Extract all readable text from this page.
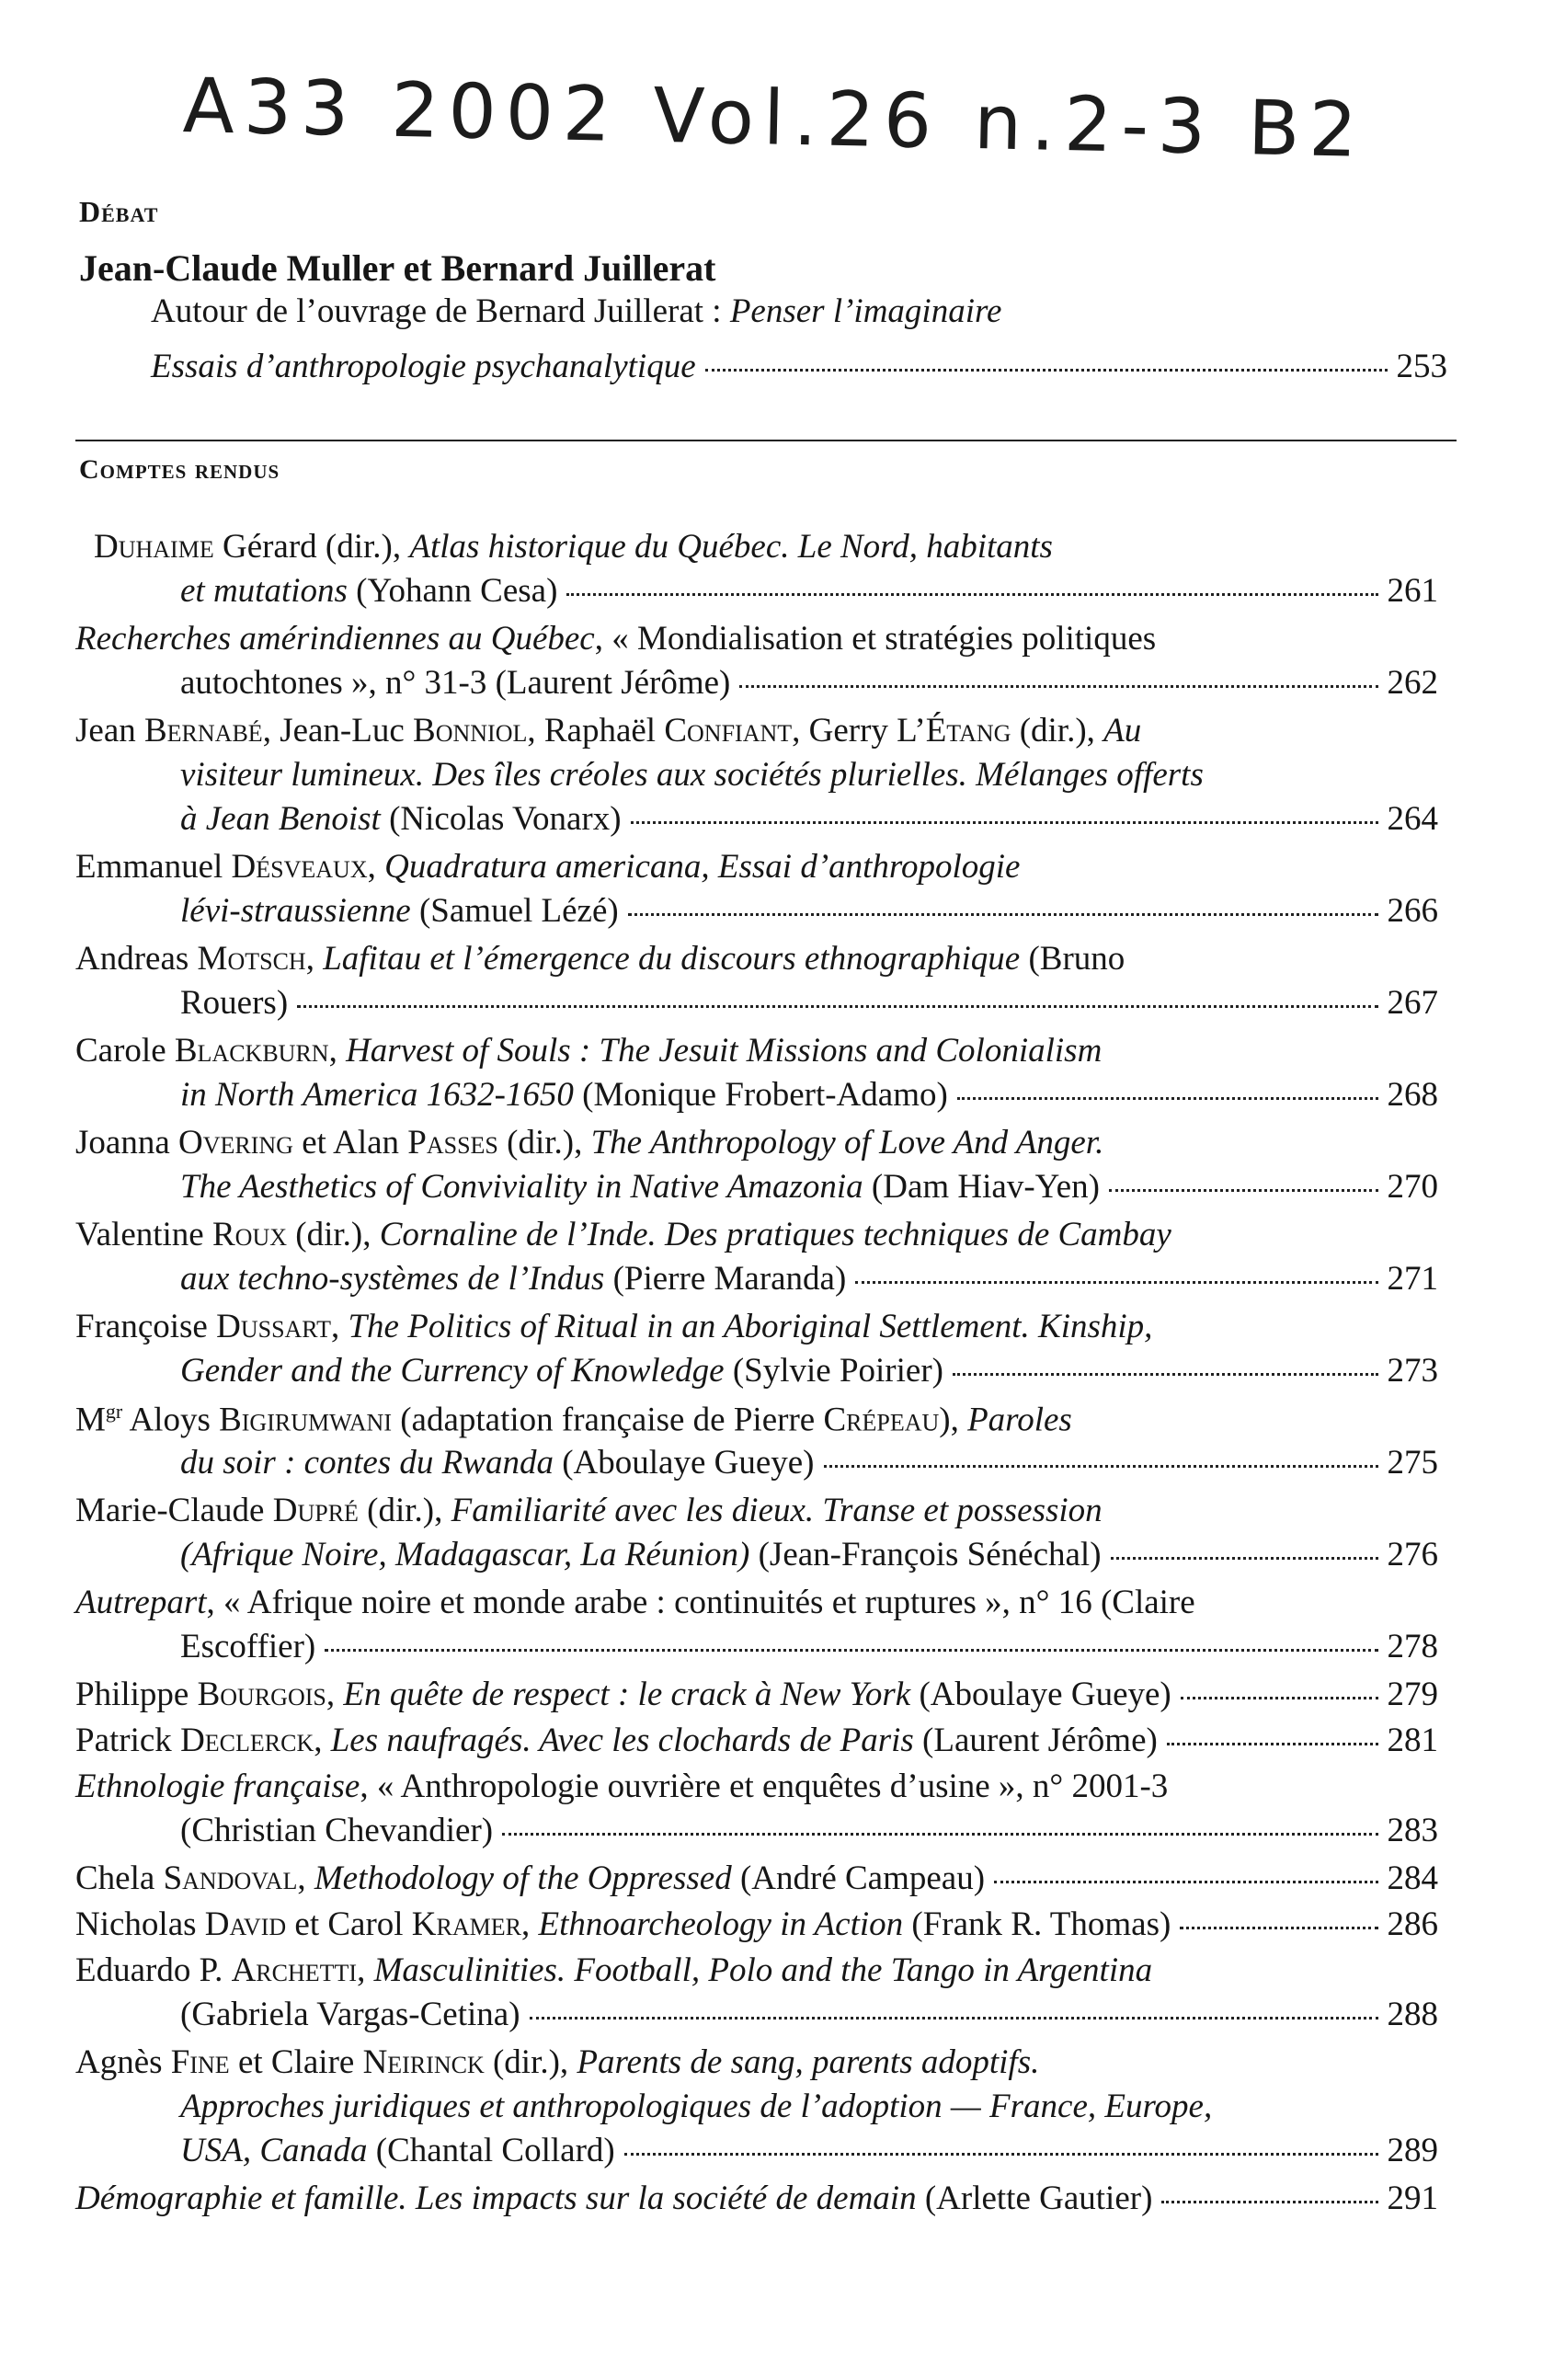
A33 2002 Vol.26 n.2-3 B2
Débat
Jean-Claude Muller et Bernard Juillerat
Autour de l’ouvrage de Bernard Juillerat : Penser l’imaginaire
Essais d’anthropologie psychanalytique	253
Comptes rendus
Duhaime Gérard (dir.), Atlas historique du Québec. Le Nord, habitants
et mutations (Yohann Cesa)	261
Recherches amérindiennes au Québec, « Mondialisation et stratégies politiques
autochtones », n° 31-3 (Laurent Jérôme)	262
Jean Bernabé, Jean-Luc Bonniol, Raphaël Confiant, Gerry L’Étang (dir.), Au
visiteur lumineux. Des îles créoles aux sociétés plurielles. Mélanges offerts
à Jean Benoist (Nicolas Vonarx)	264
Emmanuel Désveaux, Quadratura americana, Essai d’anthropologie
lévi-straussienne (Samuel Lézé)	266
Andreas Motsch, Lafitau et l’émergence du discours ethnographique (Bruno
Rouers)	267
Carole Blackburn, Harvest of Souls : The Jesuit Missions and Colonialism
in North America 1632-1650 (Monique Frobert-Adamo)	268
Joanna Overing et Alan Passes (dir.), The Anthropology of Love And Anger.
The Aesthetics of Conviviality in Native Amazonia (Dam Hiav-Yen)	270
Valentine Roux (dir.), Cornaline de l’Inde. Des pratiques techniques de Cambay
aux techno-systèmes de l’Indus (Pierre Maranda)	271
Françoise Dussart, The Politics of Ritual in an Aboriginal Settlement. Kinship,
Gender and the Currency of Knowledge (Sylvie Poirier)	273
$M^{gr}$ Aloys Bigirumwani (adaptation française de Pierre Crépeau), Paroles
du soir : contes du Rwanda (Aboulaye Gueye)	275
Marie-Claude Dupré (dir.), Familiarité avec les dieux. Transe et possession
(Afrique Noire, Madagascar, La Réunion) (Jean-François Sénéchal)	276
Autrepart, « Afrique noire et monde arabe : continuités et ruptures », n° 16 (Claire
Escoffier)	278
Philippe Bourgois, En quête de respect : le crack à New York (Aboulaye Gueye)	279
Patrick Declerck, Les naufragés. Avec les clochards de Paris (Laurent Jérôme)	281
Ethnologie française, « Anthropologie ouvrière et enquêtes d’usine », n° 2001-3
(Christian Chevandier)	283
Chela Sandoval, Methodology of the Oppressed (André Campeau)	284
Nicholas David et Carol Kramer, Ethnoarcheology in Action (Frank R. Thomas)	286
Eduardo P. Archetti, Masculinities. Football, Polo and the Tango in Argentina
(Gabriela Vargas-Cetina)	288
Agnès Fine et Claire Neirinck (dir.), Parents de sang, parents adoptifs.
Approches juridiques et anthropologiques de l’adoption — France, Europe,
USA, Canada (Chantal Collard)	289
Démographie et famille. Les impacts sur la société de demain (Arlette Gautier)	291
